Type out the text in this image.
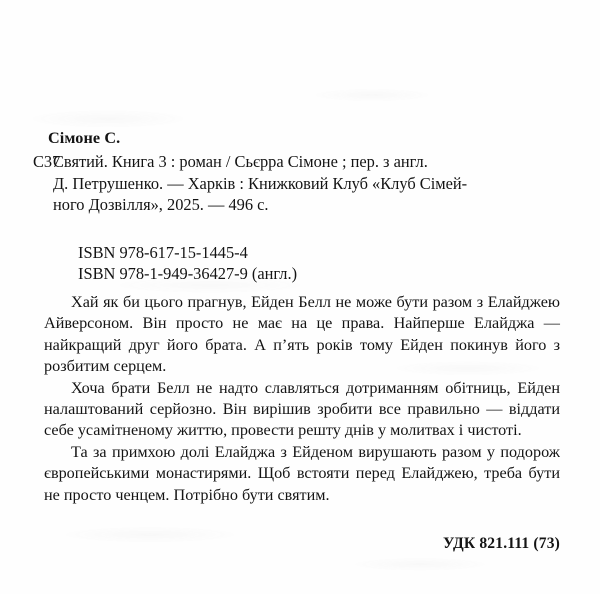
Сімоне С.
С37
Святий. Книга 3 : роман / Сьєрра Сімоне ; пер. з англ.
Д. Петрушенко. — Харків : Книжковий Клуб «Клуб Сімей-
ного Дозвілля», 2025. — 496 с.

ISBN 978-617-15-1445-4

ISBN 978-1-949-36427-9 (англ.)

Хай як би цього прагнув, Ейден Белл не може бути разом з Елайджею Айверсоном. Він просто не має на це права. Найперше Елайджа — найкращий друг його брата. А п’ять років тому Ейден покинув його з розбитим серцем.

Хоча брати Белл не надто славляться дотриманням обітниць, Ейден налаштований серйозно. Він вирішив зробити все правильно — віддати себе усамітненому життю, провести решту днів у молитвах і чистоті.

Та за примхою долі Елайджа з Ейденом вирушають разом у подорож європейськими монастирями. Щоб встояти перед Елайджею, треба бути не просто ченцем. Потрібно бути святим.

УДК 821.111 (73)
